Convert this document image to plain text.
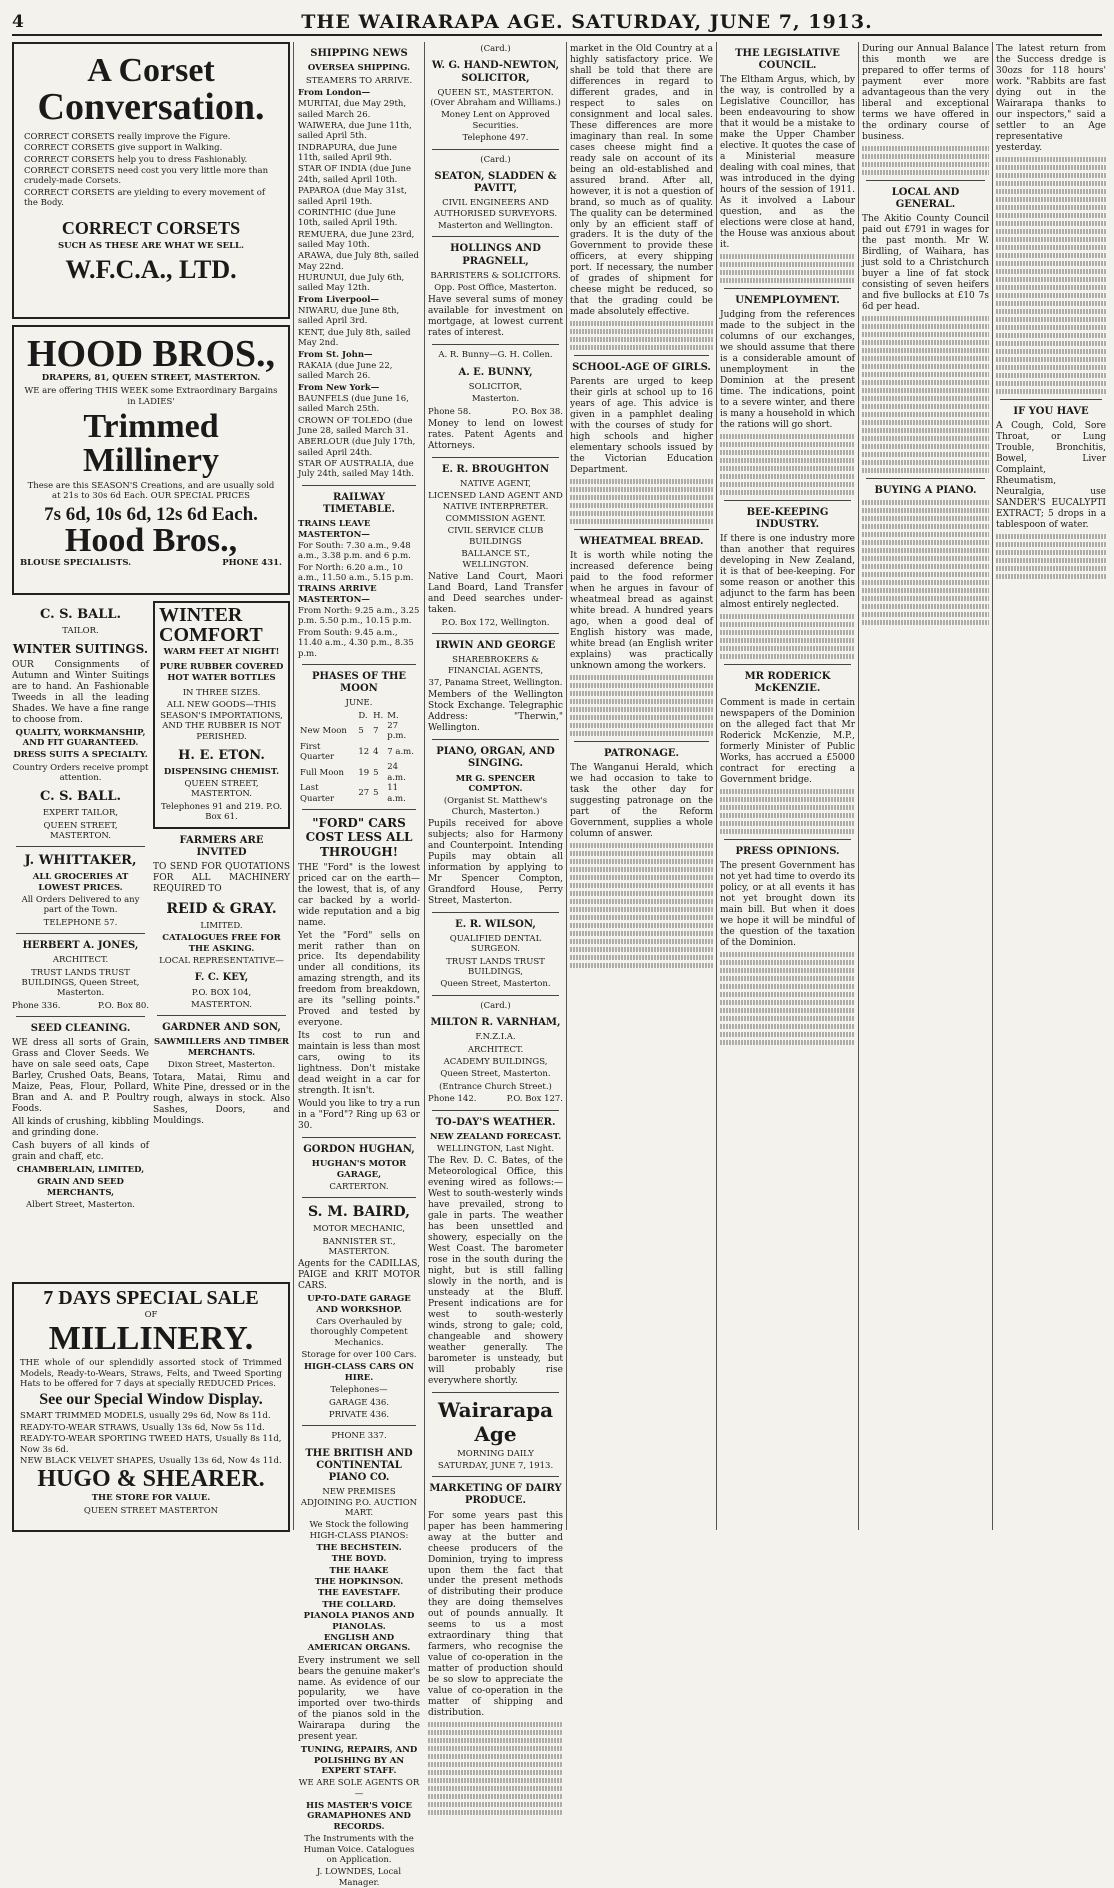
4	THE WAIRARAPA AGE. SATURDAY, JUNE 7, 1913.
A Corset
Conversation.

CORRECT CORSETS really improve the Figure.

CORRECT CORSETS give support in Walking.

CORRECT CORSETS help you to dress Fashionably.

CORRECT CORSETS need cost you very little more than crudely-made Corsets.

CORRECT CORSETS are yielding to every movement of the Body.

CORRECT CORSETS
SUCH AS THESE ARE WHAT WE SELL.
W.F.C.A., LTD.
HOOD BROS.,
DRAPERS, 81, QUEEN STREET, MASTERTON.
WE are offering THIS WEEK some Extraordinary Bargains in LADIES'
Trimmed
Millinery
These are this SEASON'S Creations, and are usually sold at 21s to 30s 6d Each. OUR SPECIAL PRICES
7s 6d, 10s 6d, 12s 6d Each.
Hood Bros.,
BLOUSE SPECIALISTS.	PHONE 431.
C. S. BALL.
TAILOR.
WINTER SUITINGS.
OUR Consignments of Autumn and Winter Suitings are to hand. An Fashionable Tweeds in all the leading Shades. We have a fine range to choose from.
QUALITY, WORKMANSHIP, AND FIT GUARANTEED.
DRESS SUITS A SPECIALTY.
Country Orders receive prompt attention.
C. S. BALL.
EXPERT TAILOR,
QUEEN STREET, MASTERTON.
J. WHITTAKER,
ALL GROCERIES AT LOWEST PRICES.
All Orders Delivered to any part of the Town.
TELEPHONE 57.
HERBERT A. JONES,
ARCHITECT.
TRUST LANDS TRUST BUILDINGS, Queen Street, Masterton.
Phone 336.	P.O. Box 80.
SEED CLEANING.
WE dress all sorts of Grain, Grass and Clover Seeds. We have on sale seed oats, Cape Barley, Crushed Oats, Beans, Maize, Peas, Flour, Pollard, Bran and A. and P. Poultry Foods.
All kinds of crushing, kibbling and grinding done.
Cash buyers of all kinds of grain and chaff, etc.
CHAMBERLAIN, LIMITED,
GRAIN AND SEED MERCHANTS,
Albert Street, Masterton.
WINTER
COMFORT
WARM FEET AT NIGHT!
PURE RUBBER COVERED HOT WATER BOTTLES
IN THREE SIZES.
ALL NEW GOODS—THIS SEASON'S IMPORTATIONS, AND THE RUBBER IS NOT PERISHED.
H. E. ETON.
DISPENSING CHEMIST.
QUEEN STREET, MASTERTON.
Telephones 91 and 219. P.O. Box 61.
FARMERS ARE INVITED
TO SEND FOR QUOTATIONS FOR ALL MACHINERY REQUIRED TO
REID & GRAY.
LIMITED.
CATALOGUES FREE FOR THE ASKING.
LOCAL REPRESENTATIVE—
F. C. KEY,
P.O. BOX 104,
MASTERTON.
GARDNER AND SON,
SAWMILLERS AND TIMBER MERCHANTS.
Dixon Street, Masterton.
Totara, Matai, Rimu and White Pine, dressed or in the rough, always in stock. Also Sashes, Doors, and Mouldings.
7 DAYS SPECIAL SALE
OF
MILLINERY.
THE whole of our splendidly assorted stock of Trimmed Models, Ready-to-Wears, Straws, Felts, and Tweed Sporting Hats to be offered for 7 days at specially REDUCED Prices.
See our Special Window Display.

SMART TRIMMED MODELS, usually 29s 6d, Now 8s 11d.

READY-TO-WEAR STRAWS, Usually 13s 6d, Now 5s 11d.

READY-TO-WEAR SPORTING TWEED HATS, Usually 8s 11d, Now 3s 6d.

NEW BLACK VELVET SHAPES, Usually 13s 6d, Now 4s 11d.

HUGO & SHEARER.
THE STORE FOR VALUE.
QUEEN STREET MASTERTON
SHIPPING NEWS
OVERSEA SHIPPING.
STEAMERS TO ARRIVE.

From London—

MURITAI, due May 29th, sailed March 26.

WAIWERA, due June 11th, sailed April 5th.

INDRAPURA, due June 11th, sailed April 9th.

STAR OF INDIA (due June 24th, sailed April 10th.

PAPAROA (due May 31st, sailed April 19th.

CORINTHIC (due June 10th, sailed April 19th.

REMUERA, due June 23rd, sailed May 10th.

ARAWA, due July 8th, sailed May 22nd.

HURUNUI, due July 6th, sailed May 12th.

From Liverpool—

NIWARU, due June 8th, sailed April 3rd.

KENT, due July 8th, sailed May 2nd.

From St. John—

RAKAIA (due June 22, sailed March 26.

From New York—

BAUNFELS (due June 16, sailed March 25th.

CROWN OF TOLEDO (due June 28, sailed March 31.

ABERLOUR (due July 17th, sailed April 24th.

STAR OF AUSTRALIA, due July 24th, sailed May 14th.

RAILWAY TIMETABLE.

TRAINS LEAVE MASTERTON—

For South: 7.30 a.m., 9.48 a.m., 3.38 p.m. and 6 p.m.

For North: 6.20 a.m., 10 a.m., 11.50 a.m., 5.15 p.m.

TRAINS ARRIVE MASTERTON—

From North: 9.25 a.m., 3.25 p.m. 5.50 p.m., 10.15 p.m.

From South: 9.45 a.m., 11.40 a.m., 4.30 p.m., 8.35 p.m.

PHASES OF THE MOON
JUNE.
	D.	H.	M.
New Moon	5	7	27 p.m.
First Quarter	12	4	7 a.m.
Full Moon	19	5	24 a.m.
Last Quarter	27	5	11 a.m.
"FORD" CARS COST LESS ALL THROUGH!
THE "Ford" is the lowest priced car on the earth—the lowest, that is, of any car backed by a world-wide reputation and a big name.
Yet the "Ford" sells on merit rather than on price. Its dependability under all conditions, its amazing strength, and its freedom from breakdown, are its "selling points." Proved and tested by everyone.
Its cost to run and maintain is less than most cars, owing to its lightness. Don't mistake dead weight in a car for strength. It isn't.
Would you like to try a run in a "Ford"? Ring up 63 or 30.
GORDON HUGHAN,
HUGHAN'S MOTOR GARAGE,
CARTERTON.
S. M. BAIRD,
MOTOR MECHANIC,
BANNISTER ST., MASTERTON.
Agents for the CADILLAS, PAIGE and KRIT MOTOR CARS.
UP-TO-DATE GARAGE AND WORKSHOP.
Cars Overhauled by thoroughly Competent Mechanics.
Storage for over 100 Cars.
HIGH-CLASS CARS ON HIRE.
Telephones—
GARAGE 436.
PRIVATE 436.
PHONE 337.
THE BRITISH AND CONTINENTAL PIANO CO.
NEW PREMISES ADJOINING P.O. AUCTION MART.
We Stock the following HIGH-CLASS PIANOS:

THE BECHSTEIN.

THE BOYD.

THE HAAKE

THE HOPKINSON.

THE EAVESTAFF.

THE COLLARD.

PIANOLA PIANOS AND PIANOLAS.

ENGLISH AND AMERICAN ORGANS.

Every instrument we sell bears the genuine maker's name. As evidence of our popularity, we have imported over two-thirds of the pianos sold in the Wairarapa during the present year.
TUNING, REPAIRS, AND POLISHING BY AN EXPERT STAFF.
WE ARE SOLE AGENTS OR—
HIS MASTER'S VOICE GRAMAPHONES AND RECORDS.
The Instruments with the Human Voice. Catalogues on Application.
J. LOWNDES, Local Manager.
(Card.)
W. G. HAND-NEWTON, SOLICITOR,
QUEEN ST., MASTERTON. (Over Abraham and Williams.)
Money Lent on Approved Securities.
Telephone 497.
(Card.)
SEATON, SLADDEN & PAVITT,
CIVIL ENGINEERS AND AUTHORISED SURVEYORS.
Masterton and Wellington.
HOLLINGS AND PRAGNELL,
BARRISTERS & SOLICITORS.
Opp. Post Office, Masterton.
Have several sums of money available for investment on mortgage, at lowest current rates of interest.
A. R. Bunny—G. H. Collen.
A. E. BUNNY,
SOLICITOR,
Masterton.
Phone 58.	P.O. Box 38.
Money to lend on lowest rates. Patent Agents and Attorneys.
E. R. BROUGHTON
NATIVE AGENT,
LICENSED LAND AGENT AND NATIVE INTERPRETER.
COMMISSION AGENT.
CIVIL SERVICE CLUB BUILDINGS
BALLANCE ST., WELLINGTON.
Native Land Court, Maori Land Board, Land Transfer and Deed searches under-taken.
P.O. Box 172, Wellington.
IRWIN AND GEORGE
SHAREBROKERS & FINANCIAL AGENTS,
37, Panama Street, Wellington.
Members of the Wellington Stock Exchange. Telegraphic Address: "Therwin," Wellington.
PIANO, ORGAN, AND SINGING.
MR G. SPENCER COMPTON.
(Organist St. Matthew's Church, Masterton.)
Pupils received for above subjects; also for Harmony and Counterpoint. Intending Pupils may obtain all information by applying to Mr Spencer Compton, Grandford House, Perry Street, Masterton.
E. R. WILSON,
QUALIFIED DENTAL SURGEON.
TRUST LANDS TRUST BUILDINGS,
Queen Street, Masterton.
(Card.)
MILTON R. VARNHAM,
F.N.Z.I.A.
ARCHITECT.
ACADEMY BUILDINGS,
Queen Street, Masterton.
(Entrance Church Street.)
Phone 142.	P.O. Box 127.
TO-DAY'S WEATHER.
NEW ZEALAND FORECAST.
WELLINGTON, Last Night.
The Rev. D. C. Bates, of the Meteorological Office, this evening wired as follows:— West to south-westerly winds have prevailed, strong to gale in parts. The weather has been unsettled and showery, especially on the West Coast. The barometer rose in the south during the night, but is still falling slowly in the north, and is unsteady at the Bluff. Present indications are for west to south-westerly winds, strong to gale; cold, changeable and showery weather generally. The barometer is unsteady, but will probably rise everywhere shortly.
Wairarapa Age
MORNING DAILY
SATURDAY, JUNE 7, 1913.
MARKETING OF DAIRY PRODUCE.
For some years past this paper has been hammering away at the butter and cheese producers of the Dominion, trying to impress upon them the fact that under the present methods of distributing their produce they are doing themselves out of pounds annually. It seems to us a most extraordinary thing that farmers, who recognise the value of co-operation in the matter of production should be so slow to appreciate the value of co-operation in the matter of shipping and distribution.
market in the Old Country at a highly satisfactory price. We shall be told that there are differences in regard to different grades, and in respect to sales on consignment and local sales. These differences are more imaginary than real. In some cases cheese might find a ready sale on account of its being an old-established and assured brand. After all, however, it is not a question of brand, so much as of quality. The quality can be determined only by an efficient staff of graders. It is the duty of the Government to provide these officers, at every shipping port. If necessary, the number of grades of shipment for cheese might be reduced, so that the grading could be made absolutely effective.
SCHOOL-AGE OF GIRLS.
Parents are urged to keep their girls at school up to 16 years of age. This advice is given in a pamphlet dealing with the courses of study for high schools and higher elementary schools issued by the Victorian Education Department.
WHEATMEAL BREAD.
It is worth while noting the increased deference being paid to the food reformer when he argues in favour of wheatmeal bread as against white bread. A hundred years ago, when a good deal of English history was made, white bread (an English writer explains) was practically unknown among the workers.
PATRONAGE.
The Wanganui Herald, which we had occasion to take to task the other day for suggesting patronage on the part of the Reform Government, supplies a whole column of answer.
THE LEGISLATIVE COUNCIL.
The Eltham Argus, which, by the way, is controlled by a Legislative Councillor, has been endeavouring to show that it would be a mistake to make the Upper Chamber elective. It quotes the case of a Ministerial measure dealing with coal mines, that was introduced in the dying hours of the session of 1911. As it involved a Labour question, and as the elections were close at hand, the House was anxious about it.
UNEMPLOYMENT.
Judging from the references made to the subject in the columns of our exchanges, we should assume that there is a considerable amount of unemployment in the Dominion at the present time. The indications, point to a severe winter, and there is many a household in which the rations will go short.
BEE-KEEPING INDUSTRY.
If there is one industry more than another that requires developing in New Zealand, it is that of bee-keeping. For some reason or another this adjunct to the farm has been almost entirely neglected.
MR RODERICK McKENZIE.
Comment is made in certain newspapers of the Dominion on the alleged fact that Mr Roderick McKenzie, M.P., formerly Minister of Public Works, has accrued a £5000 contract for erecting a Government bridge.
PRESS OPINIONS.
The present Government has not yet had time to overdo its policy, or at all events it has not yet brought down its main bill. But when it does we hope it will be mindful of the question of the taxation of the Dominion.
During our Annual Balance this month we are prepared to offer terms of payment ever more advantageous than the very liberal and exceptional terms we have offered in the ordinary course of business.
LOCAL AND GENERAL.
The Akitio County Council paid out £791 in wages for the past month. Mr W. Birdling, of Waihara, has just sold to a Christchurch buyer a line of fat stock consisting of seven heifers and five bullocks at £10 7s 6d per head.
BUYING A PIANO.
The latest return from the Success dredge is 30ozs for 118 hours' work. "Rabbits are fast dying out in the Wairarapa thanks to our inspectors," said a settler to an Age representative yesterday.
IF YOU HAVE
A Cough, Cold, Sore Throat, or Lung Trouble, Bronchitis, Bowel, Liver Complaint, Rheumatism, Neuralgia, use SANDER'S EUCALYPTI EXTRACT; 5 drops in a tablespoon of water.
